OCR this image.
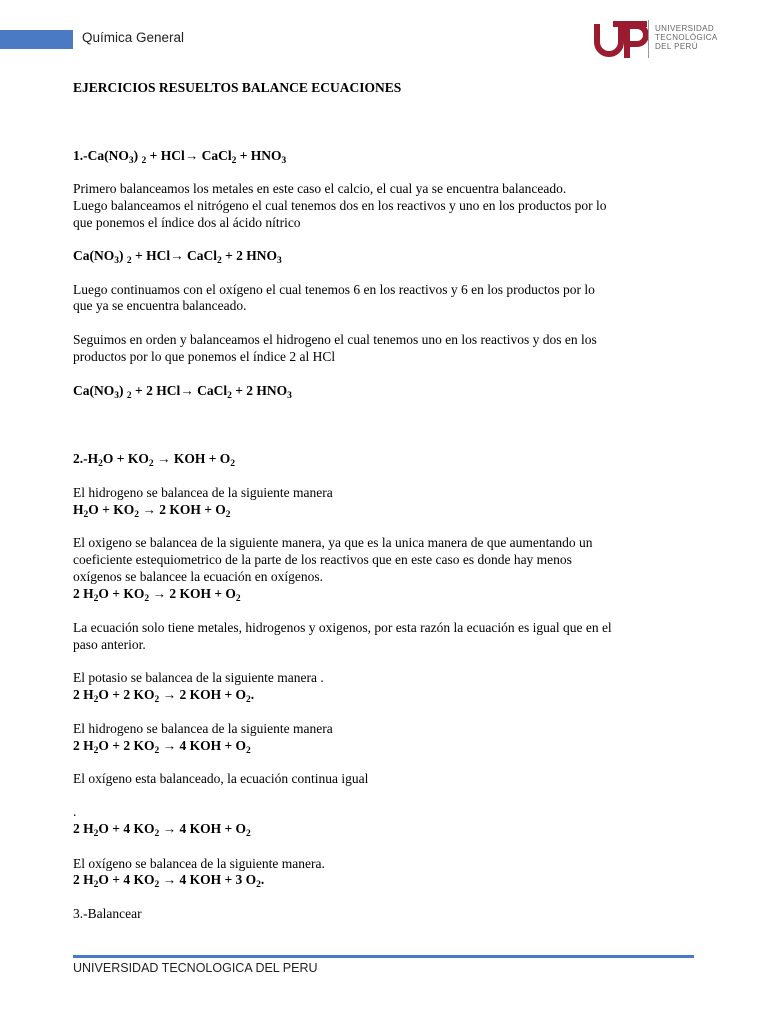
Química General
UNIVERSIDAD
TECNOLÓGICA
DEL PERÚ
EJERCICIOS RESUELTOS BALANCE ECUACIONES
$1.-Ca(NO_3) _2 + HCl\to$ CaCl$_2$ + $HNO_3$
Primero balanceamos los metales en este caso el calcio, el cual ya se encuentra balanceado.
Luego balanceamos el nitrógeno el cual tenemos dos en los reactivos y uno en los productos por lo
que ponemos el índice dos al ácido nítrico
$Ca(NO_3) _2 + HCl\to$ CaCl$_2$ + 2 $HNO_3$
Luego continuamos con el oxígeno el cual tenemos 6 en los reactivos y 6 en los productos por lo
que ya se encuentra balanceado.
Seguimos en orden y balanceamos el hidrogeno el cual tenemos uno en los reactivos y dos en los
productos por lo que ponemos el índice 2 al HCl
$Ca(NO_3) _2 + 2$ HCl→ CaCl$_2$ + 2 $HNO_3$
$2.-H_2O + KO_2$ → KOH + $O_2$
El hidrogeno se balancea de la siguiente manera
$H_2O + KO_2 \to 2$ KOH + $O_2$
El oxigeno se balancea de la siguiente manera, ya que es la unica manera de que aumentando un
coeficiente estequiometrico de la parte de los reactivos que en este caso es donde hay menos
oxígenos se balancee la ecuación en oxígenos.
2 $H_2O + KO_2 \to 2$ KOH + $O_2$
La ecuación solo tiene metales, hidrogenos y oxigenos, por esta razón la ecuación es igual que en el
paso anterior.
El potasio se balancea de la siguiente manera .
2 $H_2O + 2$ $KO_2 \to 2$ KOH + $O_2$.
El hidrogeno se balancea de la siguiente manera
2 $H_2O + 2$ $KO_2 \to 4$ KOH + $O_2$
El oxígeno esta balanceado, la ecuación continua igual
.
2 $H_2O + 4$ $KO_2 \to 4$ KOH + $O_2$
El oxígeno se balancea de la siguiente manera.
2 $H_2O + 4$ $KO_2 \to 4$ KOH + 3 $O_2$.
3.-Balancear
UNIVERSIDAD TECNOLOGICA DEL PERU
